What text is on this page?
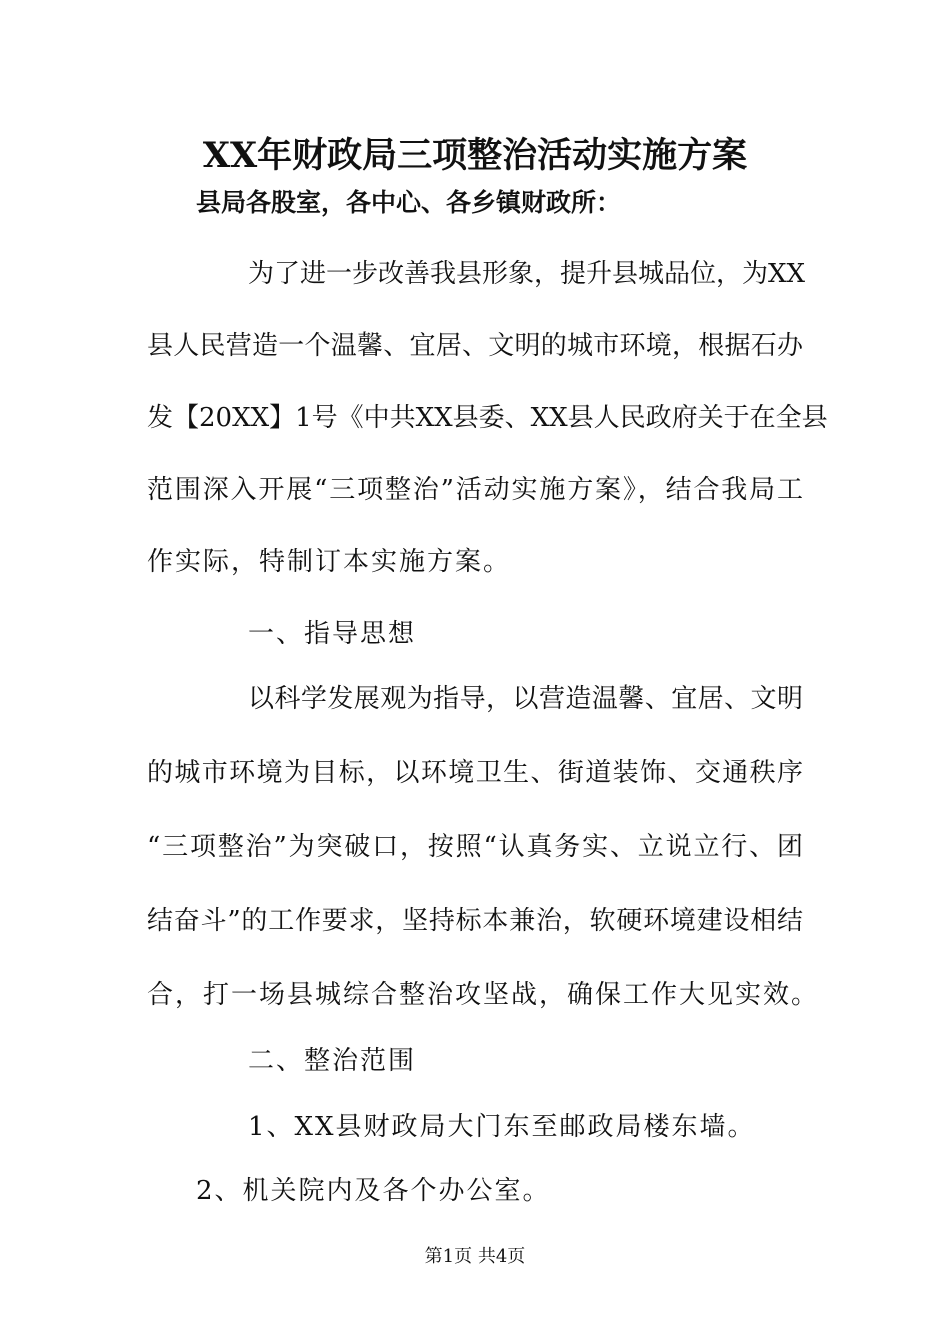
XX年财政局三项整治活动实施方案
县局各股室，各中心、各乡镇财政所：
为了进一步改善我县形象，提升县城品位，为XX
县人民营造一个温馨、宜居、文明的城市环境，根据石办
发【20XX】1号《中共XX县委、XX县人民政府关于在全县
范围深入开展“三项整治”活动实施方案》，结合我局工
作实际，特制订本实施方案。
一、指导思想
以科学发展观为指导，以营造温馨、宜居、文明
的城市环境为目标，以环境卫生、街道装饰、交通秩序
“三项整治”为突破口，按照“认真务实、立说立行、团
结奋斗”的工作要求，坚持标本兼治，软硬环境建设相结
合，打一场县城综合整治攻坚战，确保工作大见实效。
二、整治范围
1、XX县财政局大门东至邮政局楼东墙。
2、机关院内及各个办公室。
第1页 共4页
